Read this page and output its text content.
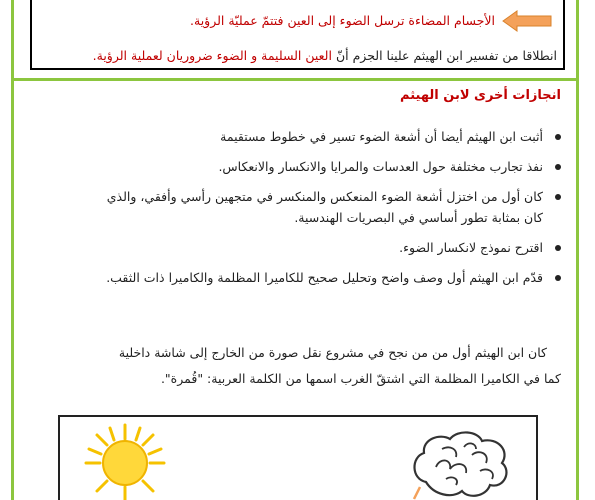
الأجسام المضاءة ترسل الضوء إلى العين فتتمّ عمليّة الرؤية.
انطلاقا من تفسير ابن الهيثم علينا الجزم أنّ العين السليمة و الضوء ضروريان لعملية الرؤية.
انجازات أخرى لابن الهيثم
أثبت ابن الهيثم أيضا أن أشعة الضوء تسير في خطوط مستقيمة
نفذ تجارب مختلفة حول العدسات والمرايا والانكسار والانعكاس.
كان أول من اختزل أشعة الضوء المنعكس والمنكسر في متجهين رأسي وأفقي، والذي
كان بمثابة تطور أساسي في البصريات الهندسية.
اقترح نموذج لانكسار الضوء.
قدّم ابن الهيثم أول وصف واضح وتحليل صحيح للكاميرا المظلمة والكاميرا ذات الثقب.
كان ابن الهيثم أول من من نجح في مشروع نقل صورة من الخارج إلى شاشة داخلية
كما في الكاميرا المظلمة التي اشتقّ الغرب اسمها من الكلمة العربية: "قُمرة".
